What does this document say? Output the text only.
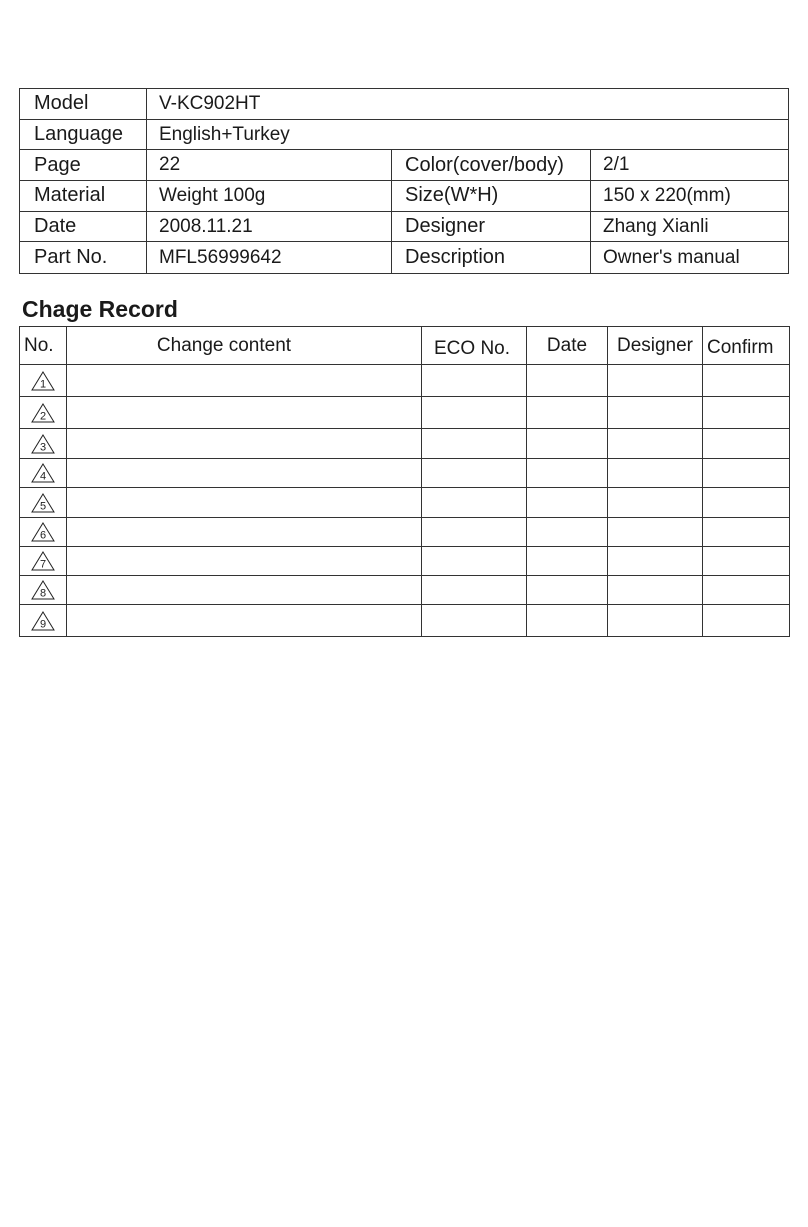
Model	V-KC902HT
Language	English+Turkey
Page	22	Color(cover/body)	2/1
Material	Weight 100g	Size(W*H)	150 x 220(mm)
Date	2008.11.21	Designer	Zhang Xianli
Part No.	MFL56999642	Description	Owner's manual
Chage Record
No.	Change content	ECO No.	Date	Designer	Confirm

1					

2					

3					

4					

5					

6					

7					

8					

9					
